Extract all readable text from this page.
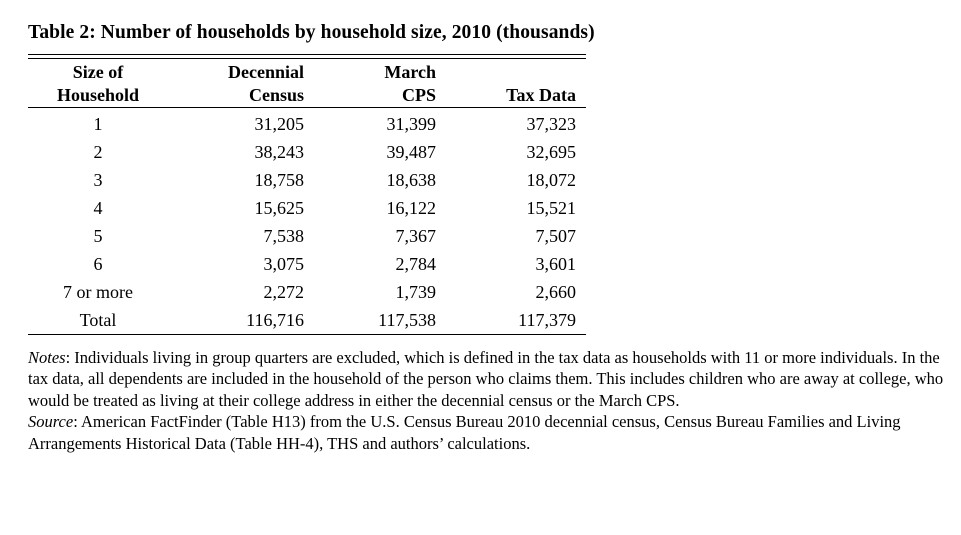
Table 2: Number of households by household size, 2010 (thousands)

Size of	Decennial	March	
Household	Census	CPS	Tax Data

1	31,205	31,399	37,323
2	38,243	39,487	32,695
3	18,758	18,638	18,072
4	15,625	16,122	15,521
5	7,538	7,367	7,507
6	3,075	2,784	3,601
7 or more	2,272	1,739	2,660
Total	116,716	117,538	117,379

Notes: Individuals living in group quarters are excluded, which is defined in the tax data as households with 11 or more individuals. In the tax data, all dependents are included in the household of the person who claims them. This includes children who are away at college, who would be treated as living at their college address in either the decennial census or the March CPS.

Source: American FactFinder (Table H13) from the U.S. Census Bureau 2010 decennial census, Census Bureau Families and Living Arrangements Historical Data (Table HH-4), THS and authors’ calculations.
